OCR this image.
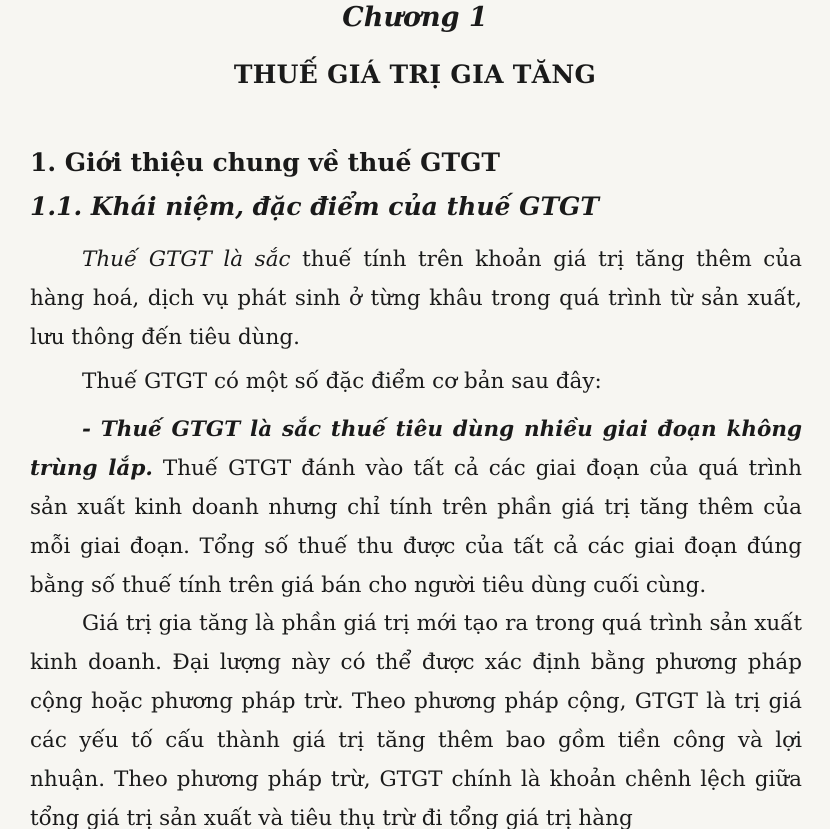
Chương 1
THUẾ GIÁ TRỊ GIA TĂNG
1. Giới thiệu chung về thuế GTGT
1.1. Khái niệm, đặc điểm của thuế GTGT
Thuế GTGT là sắc thuế tính trên khoản giá trị tăng thêm của hàng hoá, dịch vụ phát sinh ở từng khâu trong quá trình từ sản xuất, lưu thông đến tiêu dùng.
Thuế GTGT có một số đặc điểm cơ bản sau đây:
- Thuế GTGT là sắc thuế tiêu dùng nhiều giai đoạn không trùng lắp. Thuế GTGT đánh vào tất cả các giai đoạn của quá trình sản xuất kinh doanh nhưng chỉ tính trên phần giá trị tăng thêm của mỗi giai đoạn. Tổng số thuế thu được của tất cả các giai đoạn đúng bằng số thuế tính trên giá bán cho người tiêu dùng cuối cùng.
Giá trị gia tăng là phần giá trị mới tạo ra trong quá trình sản xuất kinh doanh. Đại lượng này có thể được xác định bằng phương pháp cộng hoặc phương pháp trừ. Theo phương pháp cộng, GTGT là trị giá các yếu tố cấu thành giá trị tăng thêm bao gồm tiền công và lợi nhuận. Theo phương pháp trừ, GTGT chính là khoản chênh lệch giữa tổng giá trị sản xuất và tiêu thụ trừ đi tổng giá trị hàng
